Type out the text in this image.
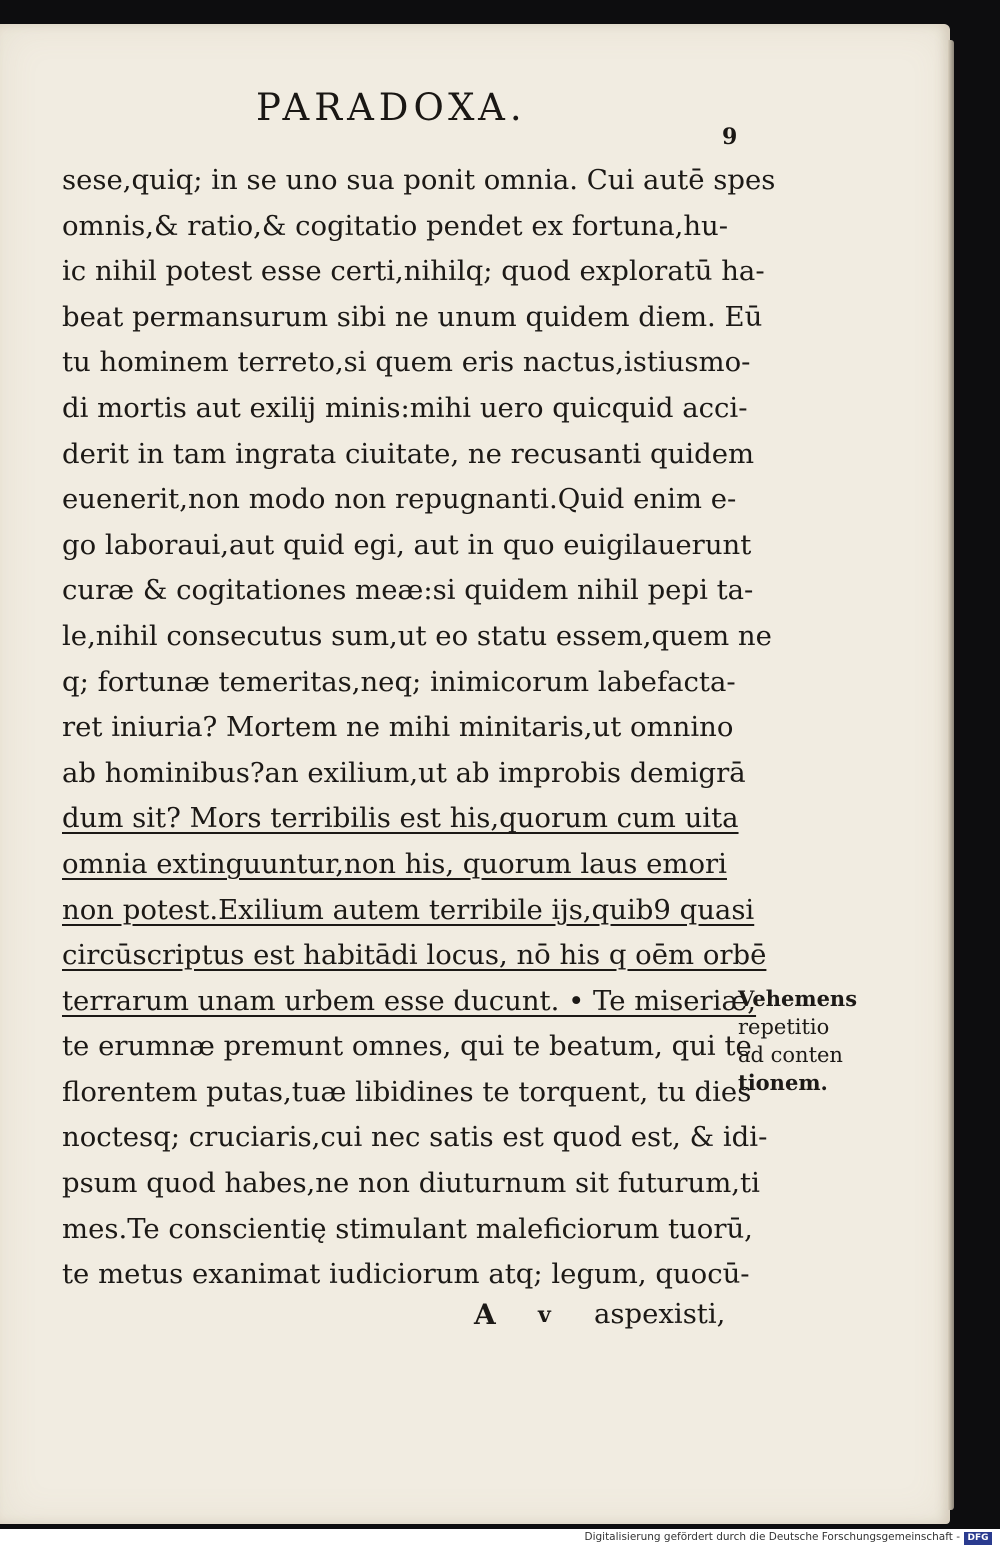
PARADOXA.
9
sese,quiq; in se uno sua ponit omnia. Cui autē spes
omnis,& ratio,& cogitatio pendet ex fortuna,hu-
ic nihil potest esse certi,nihilq; quod exploratū ha-
beat permansurum sibi ne unum quidem diem. Eū
tu hominem terreto,si quem eris nactus,istiusmo-
di mortis aut exilij minis:mihi uero quicquid acci-
derit in tam ingrata ciuitate, ne recusanti quidem
euenerit,non modo non repugnanti.Quid enim e-
go laboraui,aut quid egi, aut in quo euigilauerunt
curæ & cogitationes meæ:si quidem nihil pepi ta-
le,nihil consecutus sum,ut eo statu essem,quem ne
q; fortunæ temeritas,neq; inimicorum labefacta-
ret iniuria? Mortem ne mihi minitaris,ut omnino
ab hominibus?an exilium,ut ab improbis demigrā
dum sit? Mors terribilis est his,quorum cum uita
omnia extinguuntur,non his, quorum laus emori
non potest.Exilium autem terribile ijs,quib9 quasi
circūscriptus est habitādi locus, nō his q oēm orbē
terrarum unam urbem esse ducunt. • Te miseriæ,
te erumnæ premunt omnes, qui te beatum, qui te
florentem putas,tuæ libidines te torquent, tu dies
noctesq; cruciaris,cui nec satis est quod est, & idi-
psum quod habes,ne non diuturnum sit futurum,ti
mes.Te conscientię stimulant maleficiorum tuorū,
te metus exanimat iudiciorum atq; legum, quocū-
Vehemens
repetitio
ad conten
tionem.
A v aspexisti,
Digitalisierung gefördert durch die Deutsche Forschungsgemeinschaft - DFG
